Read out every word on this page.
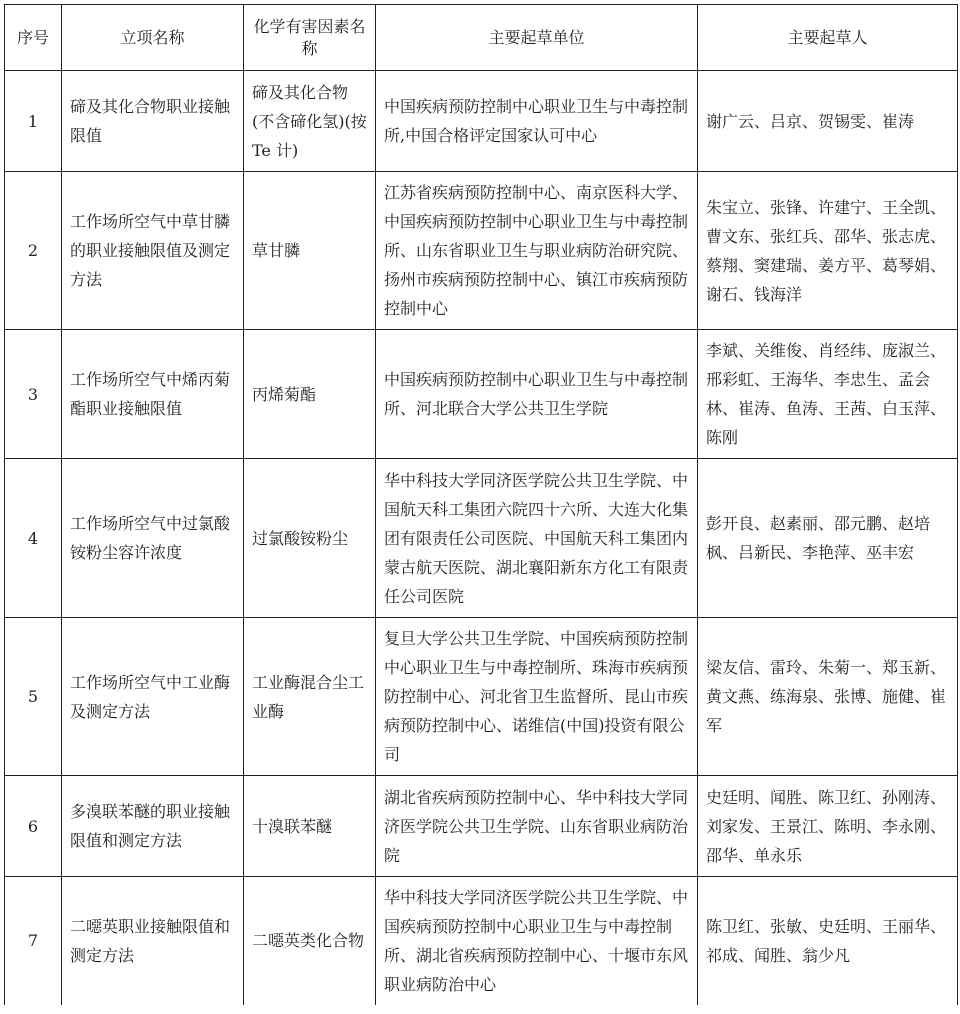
序号	立项名称	化学有害因素名称	主要起草单位	主要起草人
1	碲及其化合物职业接触限值	碲及其化合物(不含碲化氢)(按 Te 计)	中国疾病预防控制中心职业卫生与中毒控制所,中国合格评定国家认可中心	谢广云、吕京、贺锡雯、崔涛
2	工作场所空气中草甘膦的职业接触限值及测定方法	草甘膦	江苏省疾病预防控制中心、南京医科大学、中国疾病预防控制中心职业卫生与中毒控制所、山东省职业卫生与职业病防治研究院、扬州市疾病预防控制中心、镇江市疾病预防控制中心	朱宝立、张锋、许建宁、王全凯、曹文东、张红兵、邵华、张志虎、蔡翔、窦建瑞、姜方平、葛琴娟、谢石、钱海洋
3	工作场所空气中烯丙菊酯职业接触限值	丙烯菊酯	中国疾病预防控制中心职业卫生与中毒控制所、河北联合大学公共卫生学院	李斌、关维俊、肖经纬、庞淑兰、邢彩虹、王海华、李忠生、孟会林、崔涛、鱼涛、王茜、白玉萍、陈刚
4	工作场所空气中过氯酸铵粉尘容许浓度	过氯酸铵粉尘	华中科技大学同济医学院公共卫生学院、中国航天科工集团六院四十六所、大连大化集团有限责任公司医院、中国航天科工集团内蒙古航天医院、湖北襄阳新东方化工有限责任公司医院	彭开良、赵素丽、邵元鹏、赵培枫、吕新民、李艳萍、巫丰宏
5	工作场所空气中工业酶及测定方法	工业酶混合尘工业酶	复旦大学公共卫生学院、中国疾病预防控制中心职业卫生与中毒控制所、珠海市疾病预防控制中心、河北省卫生监督所、昆山市疾病预防控制中心、诺维信(中国)投资有限公司	梁友信、雷玲、朱菊一、郑玉新、黄文燕、练海泉、张博、施健、崔军
6	多溴联苯醚的职业接触限值和测定方法	十溴联苯醚	湖北省疾病预防控制中心、华中科技大学同济医学院公共卫生学院、山东省职业病防治院	史廷明、闻胜、陈卫红、孙刚涛、刘家发、王景江、陈明、李永刚、邵华、单永乐
7	二噁英职业接触限值和测定方法	二噁英类化合物	华中科技大学同济医学院公共卫生学院、中国疾病预防控制中心职业卫生与中毒控制所、湖北省疾病预防控制中心、十堰市东风职业病防治中心	陈卫红、张敏、史廷明、王丽华、祁成、闻胜、翁少凡
